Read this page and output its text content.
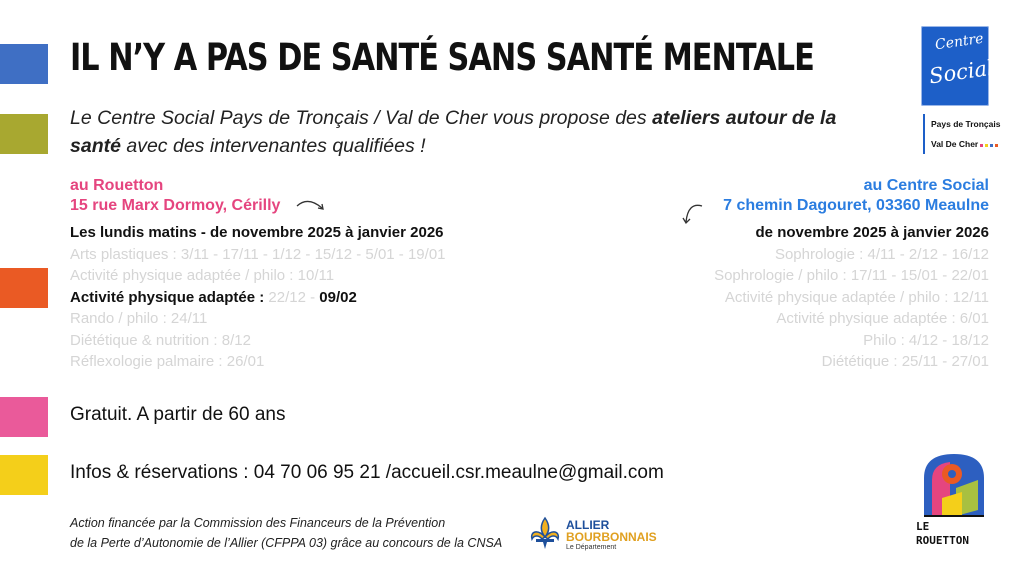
IL N’Y A PAS DE SANTÉ SANS SANTÉ MENTALE
Le Centre Social Pays de Tronçais / Val de Cher vous propose des ateliers autour de la santé avec des intervenantes qualifiées !
au Rouetton
15 rue Marx Dormoy, Cérilly
au Centre Social
7 chemin Dagouret, 03360 Meaulne
Les lundis matins - de novembre 2025 à janvier 2026
Arts plastiques : 3/11 - 17/11 - 1/12 - 15/12 - 5/01 - 19/01
Activité physique adaptée / philo : 10/11
Activité physique adaptée : 22/12 - 09/02
Rando / philo : 24/11
Diététique & nutrition : 8/12
Réflexologie palmaire : 26/01
de novembre 2025 à janvier 2026
Sophrologie : 4/11 - 2/12 - 16/12
Sophrologie / philo : 17/11 - 15/01 - 22/01
Activité physique adaptée / philo : 12/11
Activité physique adaptée : 6/01
Philo : 4/12 - 18/12
Diététique : 25/11 - 27/01
Gratuit. A partir de 60 ans
Infos & réservations : 04 70 06 95 21 /accueil.csr.meaulne@gmail.com
Action financée par la Commission des Financeurs de la Prévention
de la Perte d’Autonomie de l’Allier (CFPPA 03) grâce au concours de la CNSA
ALLIER
BOURBONNAIS
Le Département
Centre
Social
Pays de Tronçais
Val De Cher
LE
ROUETTON
